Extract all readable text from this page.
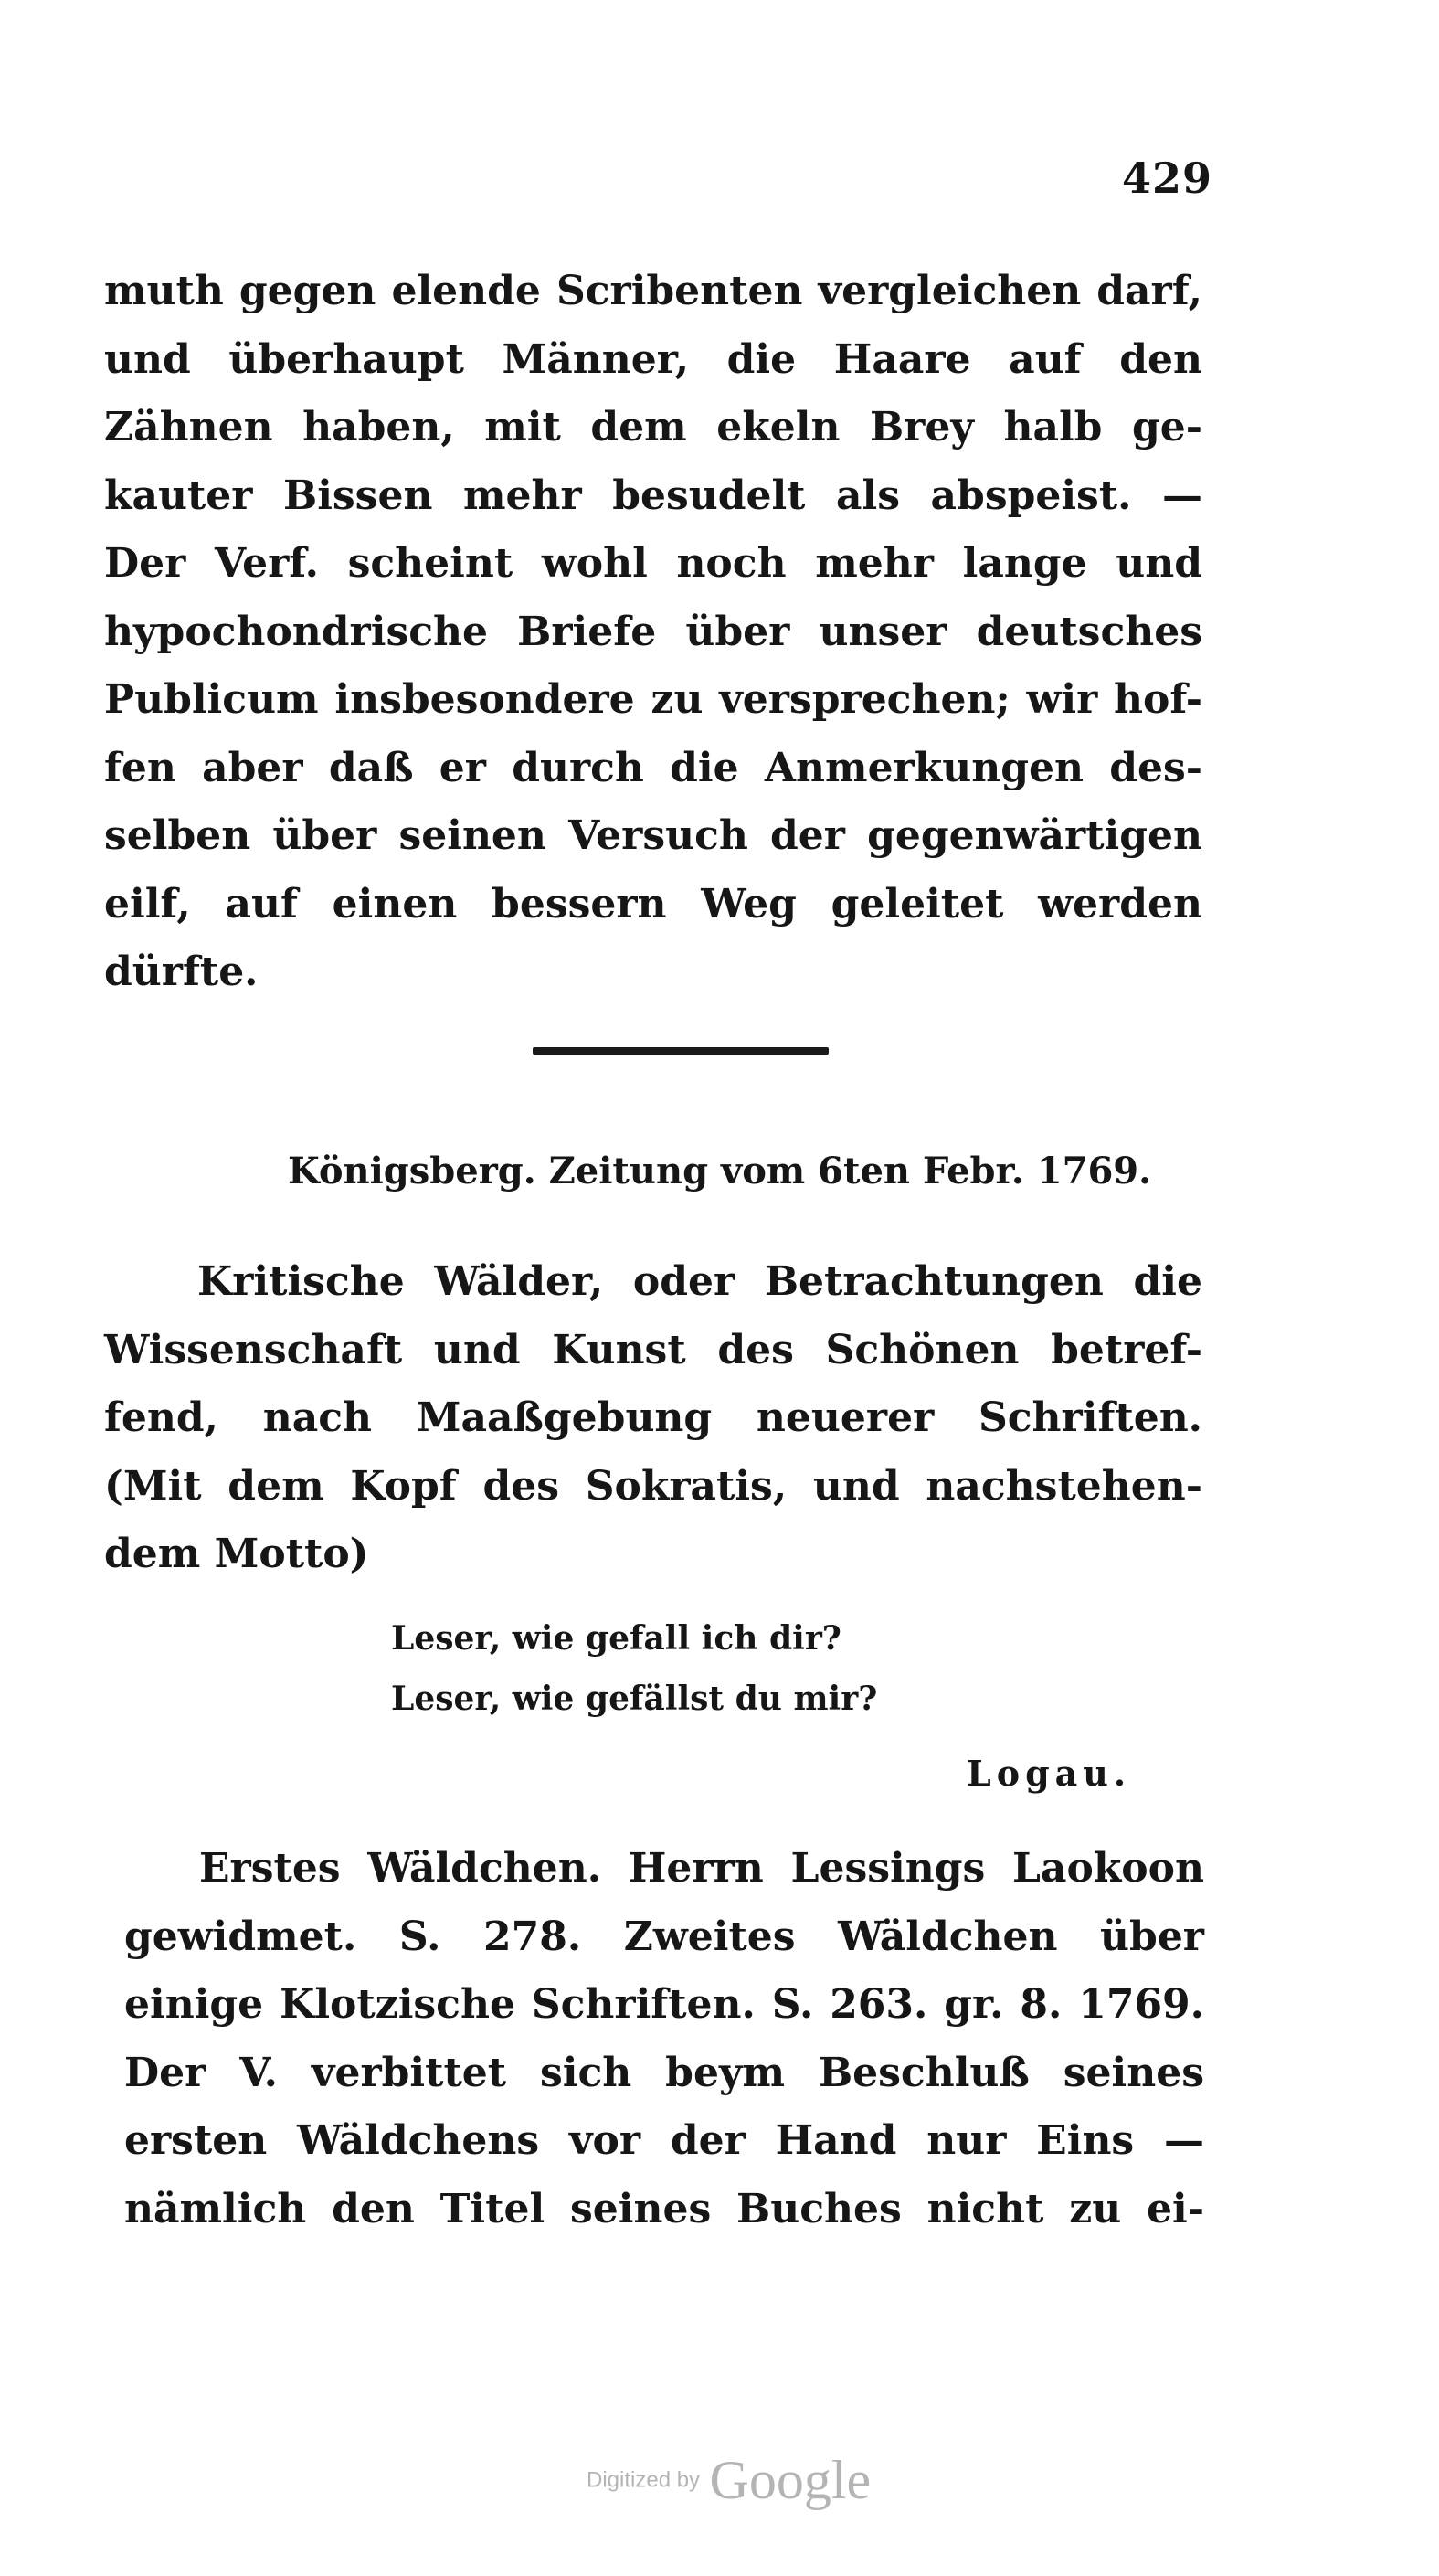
429
muth gegen elende Scribenten vergleichen darf,
und überhaupt Männer, die Haare auf den
Zähnen haben, mit dem ekeln Brey halb ge-
kauter Bissen mehr besudelt als abspeist. —
Der Verf. scheint wohl noch mehr lange und
hypochondrische Briefe über unser deutsches
Publicum insbesondere zu versprechen; wir hof-
fen aber daß er durch die Anmerkungen des-
selben über seinen Versuch der gegenwärtigen
eilf, auf einen bessern Weg geleitet werden
dürfte.
Königsberg. Zeitung vom 6ten Febr. 1769.
Kritische Wälder, oder Betrachtungen die
Wissenschaft und Kunst des Schönen betref-
fend, nach Maaßgebung neuerer Schriften.
(Mit dem Kopf des Sokratis, und nachstehen-
dem Motto)
Leser, wie gefall ich dir?
Leser, wie gefällst du mir?
Logau.
Erstes Wäldchen. Herrn Lessings Laokoon
gewidmet. S. 278. Zweites Wäldchen über
einige Klotzische Schriften. S. 263. gr. 8. 1769.
Der V. verbittet sich beym Beschluß seines
ersten Wäldchens vor der Hand nur Eins —
nämlich den Titel seines Buches nicht zu ei-
Digitized by Google
